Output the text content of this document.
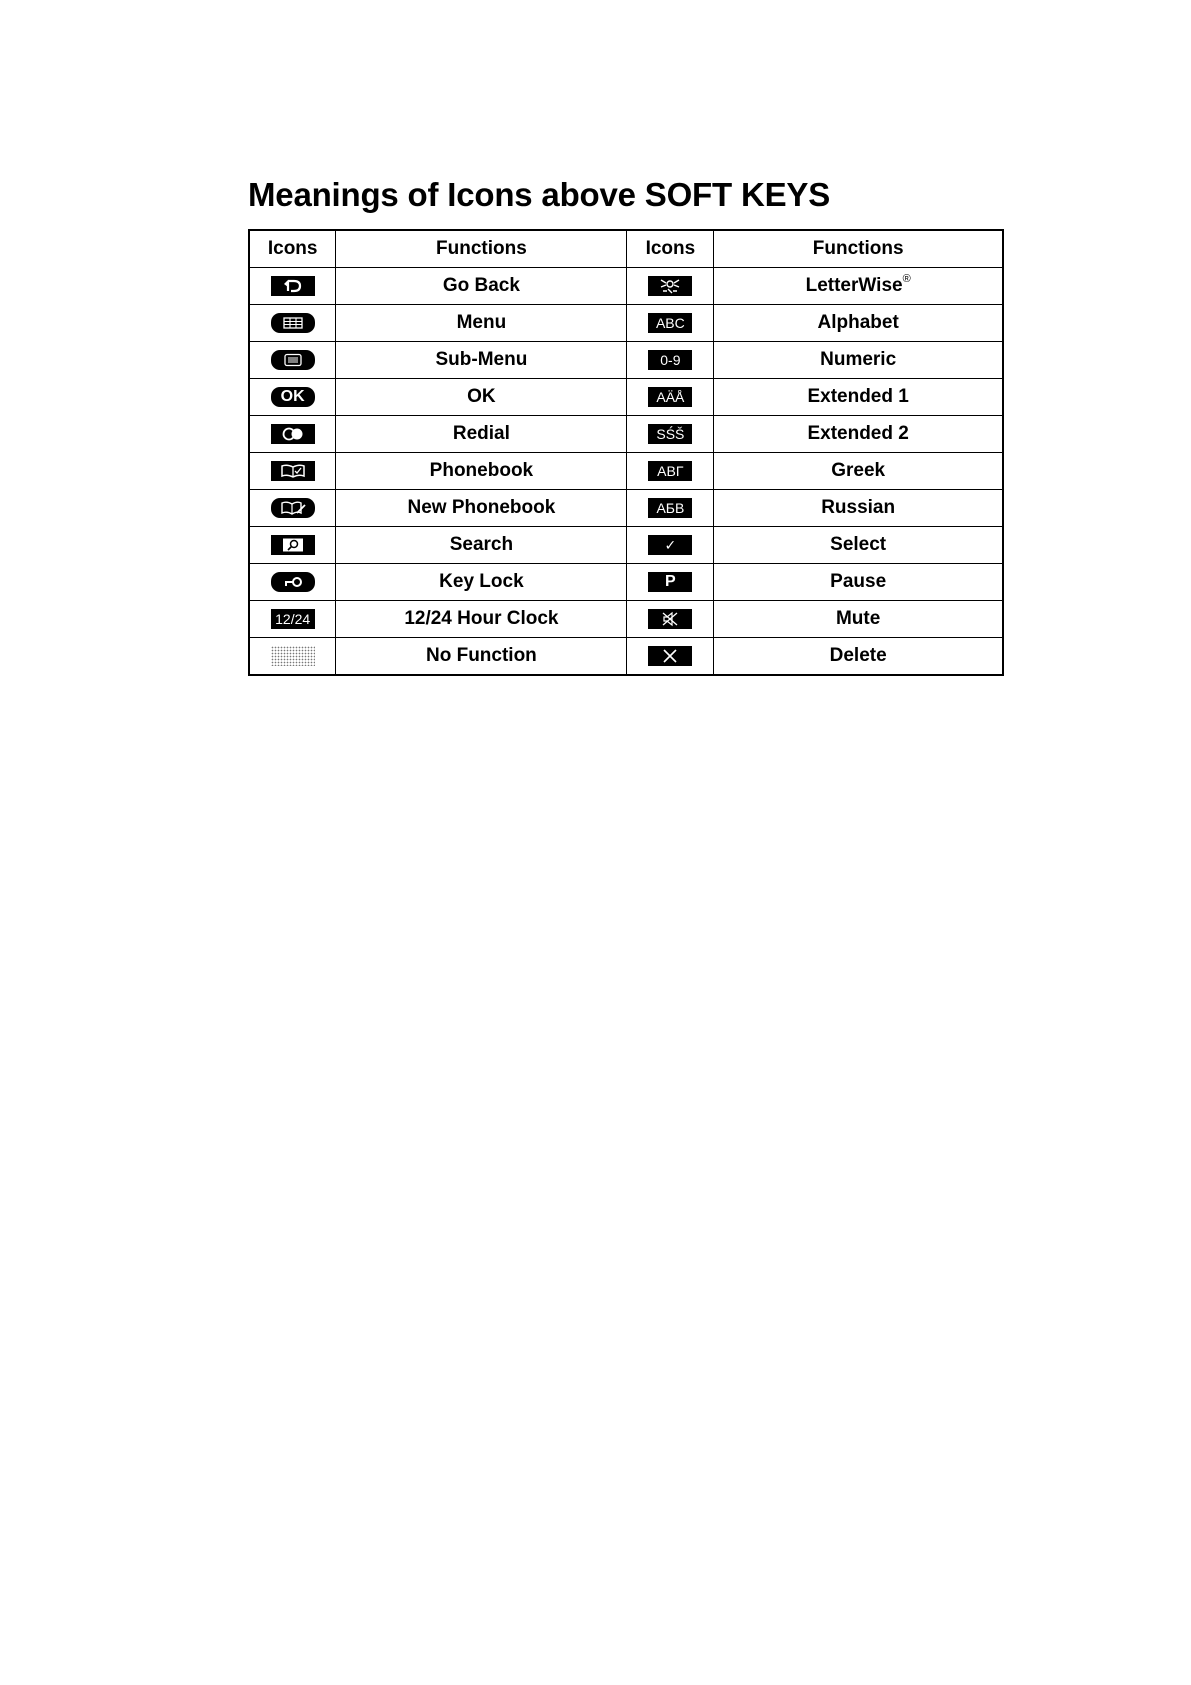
Meanings of Icons above SOFT KEYS
Icons	Functions	Icons	Functions

	Go Back		LetterWise®

	Menu	ABC	Alphabet

	Sub-Menu	0-9	Numeric
OK	OK	AÄÅ	Extended 1

	Redial	SŚŠ	Extended 2

	Phonebook	ΑΒΓ	Greek

	New Phonebook	АБВ	Russian

	Search	✓	Select

	Key Lock	P	Pause
12/24	12/24 Hour Clock		Mute
	No Function		Delete
